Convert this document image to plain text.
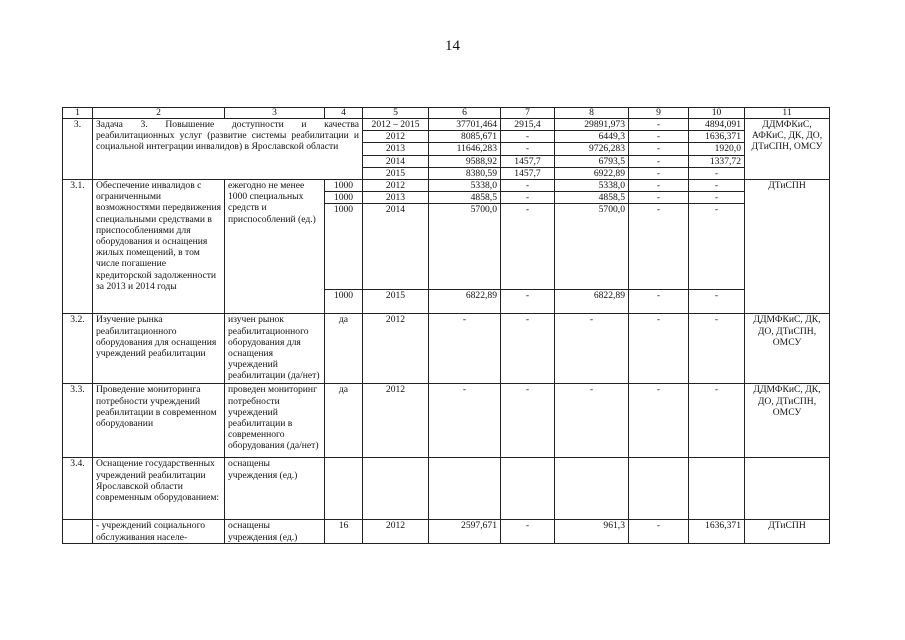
14
1	2	3	4	5	6	7	8	9	10	11
3.	Задача 3. Повышение доступности и качества реабилитационных услуг (развитие системы реабилитации и социальной интеграции инвалидов) в Ярославской области			2012 – 2015	37701,464	2915,4	29891,973	-	4894,091	ДДМФКиС, АФКиС, ДК, ДО, ДТиСПН, ОМСУ
				2012	8085,671	-	6449,3	-	1636,371	
				2013	11646,283	-	9726,283	-	1920,0	
				2014	9588,92	1457,7	6793,5	-	1337,72	
				2015	8380,59	1457,7	6922,89	-	-	
3.1.	Обеспечение инвалидов с ограниченными возможностями передвижения специальными средствами в приспособлениями для оборудования и оснащения жилых помещений, в том числе погашение кредиторской задолженности за 2013 и 2014 годы	ежегодно не менее 1000 специальных средств и приспособлений (ед.)	1000	2012	5338,0	-	5338,0	-	-	ДТиСПН
			1000	2013	4858,5	-	4858,5	-	-	
			1000	2014	5700,0	-	5700,0	-	-	
			1000	2015	6822,89	-	6822,89	-	-	
3.2.	Изучение рынка реабилитационного оборудования для оснащения учреждений реабилитации	изучен рынок реабилитационного оборудования для оснащения учреждений реабилитации (да/нет)	да	2012	-	-	-	-	-	ДДМФКиС, ДК, ДО, ДТиСПН, ОМСУ
3.3.	Проведение мониторинга потребности учреждений реабилитации в современном оборудовании	проведен мониторинг потребности учреждений реабилитации в современного оборудования (да/нет)	да	2012	-	-	-	-	-	ДДМФКиС, ДК, ДО, ДТиСПН, ОМСУ
3.4.	Оснащение государственных учреждений реабилитации Ярославской области современным оборудованием:	оснащены учреждения (ед.)								
	- учреждений социального обслуживания населе-	оснащены учреждения (ед.)	16	2012	2597,671	-	961,3	-	1636,371	ДТиСПН
